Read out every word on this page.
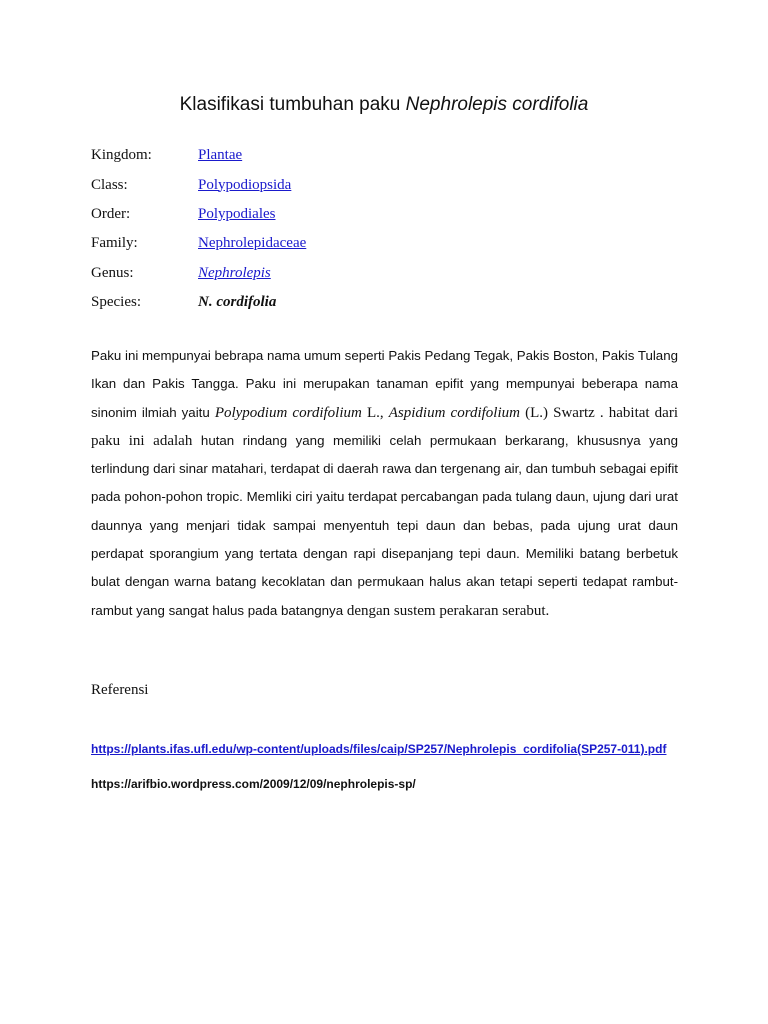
Klasifikasi tumbuhan paku Nephrolepis cordifolia
Kingdom:	Plantae
Class:	Polypodiopsida
Order:	Polypodiales
Family:	Nephrolepidaceae
Genus:	Nephrolepis
Species:	N. cordifolia
Paku ini mempunyai bebrapa nama umum seperti Pakis Pedang Tegak, Pakis Boston, Pakis Tulang Ikan dan Pakis Tangga. Paku ini merupakan tanaman epifit yang mempunyai beberapa nama sinonim ilmiah yaitu Polypodium cordifolium L., Aspidium cordifolium (L.) Swartz . habitat dari paku ini adalah hutan rindang yang memiliki celah permukaan berkarang, khususnya yang terlindung dari sinar matahari, terdapat di daerah rawa dan tergenang air, dan tumbuh sebagai epifit pada pohon-pohon tropic. Memliki ciri yaitu terdapat percabangan pada tulang daun, ujung dari urat daunnya yang menjari tidak sampai menyentuh tepi daun dan bebas, pada ujung urat daun perdapat sporangium yang tertata dengan rapi disepanjang tepi daun. Memiliki batang berbetuk bulat dengan warna batang kecoklatan dan permukaan halus akan tetapi seperti tedapat rambut-rambut yang sangat halus pada batangnya dengan sustem perakaran serabut.
Referensi
https://plants.ifas.ufl.edu/wp-content/uploads/files/caip/SP257/Nephrolepis_cordifolia(SP257-011).pdf
https://arifbio.wordpress.com/2009/12/09/nephrolepis-sp/
